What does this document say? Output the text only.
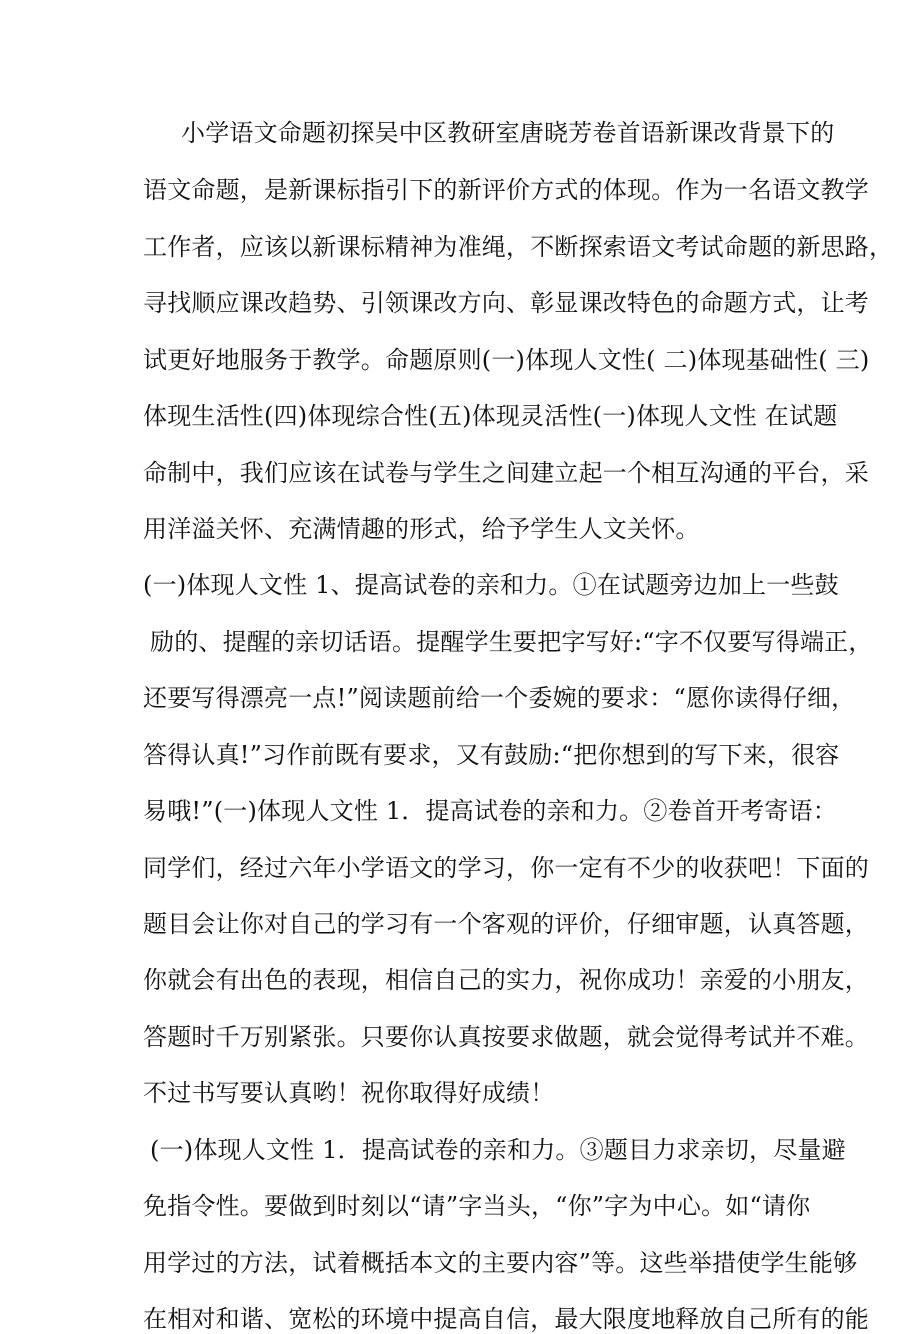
小学语文命题初探吴中区教研室唐晓芳卷首语新课改背景下的

语文命题，是新课标指引下的新评价方式的体现。作为一名语文教学

工作者，应该以新课标精神为准绳，不断探索语文考试命题的新思路，

寻找顺应课改趋势、引领课改方向、彰显课改特色的命题方式，让考

试更好地服务于教学。命题原则(一)体现人文性( 二)体现基础性( 三)

体现生活性(四)体现综合性(五)体现灵活性(一)体现人文性 在试题

命制中，我们应该在试卷与学生之间建立起一个相互沟通的平台，采

用洋溢关怀、充满情趣的形式，给予学生人文关怀。

(一)体现人文性 1、提高试卷的亲和力。①在试题旁边加上一些鼓

励的、提醒的亲切话语。提醒学生要把字写好:“字不仅要写得端正，

还要写得漂亮一点!”阅读题前给一个委婉的要求：“愿你读得仔细，

答得认真!”习作前既有要求，又有鼓励:“把你想到的写下来，很容

易哦!”(一)体现人文性 1．提高试卷的亲和力。②卷首开考寄语：

同学们，经过六年小学语文的学习，你一定有不少的收获吧！下面的

题目会让你对自己的学习有一个客观的评价，仔细审题，认真答题，

你就会有出色的表现，相信自己的实力，祝你成功！亲爱的小朋友，

答题时千万别紧张。只要你认真按要求做题，就会觉得考试并不难。

不过书写要认真哟！祝你取得好成绩！

(一)体现人文性 1．提高试卷的亲和力。③题目力求亲切，尽量避

免指令性。要做到时刻以“请”字当头，“你”字为中心。如“请你

用学过的方法，试着概括本文的主要内容”等。这些举措使学生能够

在相对和谐、宽松的环境中提高自信，最大限度地释放自己所有的能
